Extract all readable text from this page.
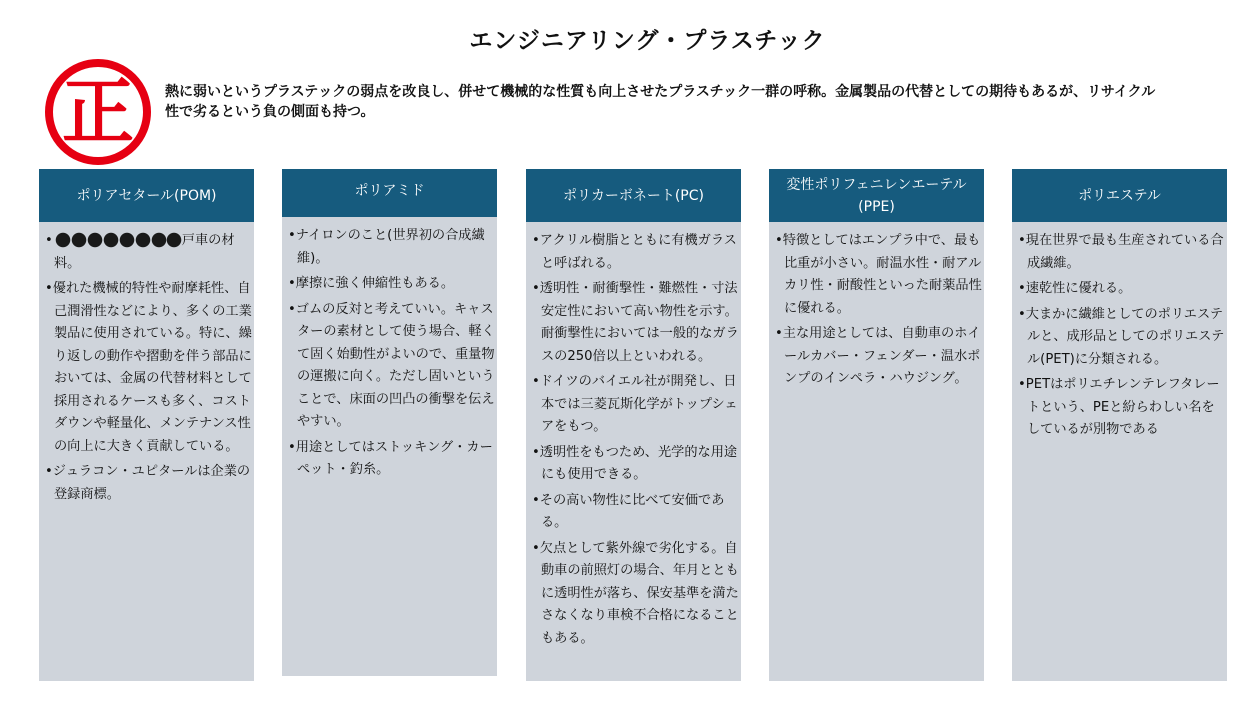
エンジニアリング・プラスチック
正 熱に弱いというプラステックの弱点を改良し、併せて機械的な性質も向上させたプラスチック一群の呼称。金属製品の代替としての期待もあるが、リサイクル性で劣るという負の側面も持つ。
ポリアセタール(POM)
• 戸車の材料。
• 優れた機械的特性や耐摩耗性、自己潤滑性などにより、多くの工業製品に使用されている。特に、繰り返しの動作や摺動を伴う部品においては、金属の代替材料として採用されるケースも多く、コストダウンや軽量化、メンテナンス性の向上に大きく貢献している。
• ジュラコン・ユピタールは企業の登録商標。
ポリアミド
• ナイロンのこと(世界初の合成繊維)。
• 摩擦に強く伸縮性もある。
• ゴムの反対と考えていい。キャスターの素材として使う場合、軽くて固く始動性がよいので、重量物の運搬に向く。ただし固いということで、床面の凹凸の衝撃を伝えやすい。
• 用途としてはストッキング・カーペット・釣糸。
ポリカーボネート(PC)
• アクリル樹脂とともに有機ガラスと呼ばれる。
• 透明性・耐衝撃性・難燃性・寸法安定性において高い物性を示す。耐衝撃性においては一般的なガラスの250倍以上といわれる。
• ドイツのバイエル社が開発し、日本では三菱瓦斯化学がトップシェアをもつ。
• 透明性をもつため、光学的な用途にも使用できる。
• その高い物性に比べて安価である。
• 欠点として紫外線で劣化する。自動車の前照灯の場合、年月とともに透明性が落ち、保安基準を満たさなくなり車検不合格になることもある。
変性ポリフェニレンエーテル(PPE)
• 特徴としてはエンプラ中で、最も比重が小さい。耐温水性・耐アルカリ性・耐酸性といった耐薬品性に優れる。
• 主な用途としては、自動車のホイールカバー・フェンダー・温水ポンプのインペラ・ハウジング。
ポリエステル
• 現在世界で最も生産されている合成繊維。
• 速乾性に優れる。
• 大まかに繊維としてのポリエステルと、成形品としてのポリエステル(PET)に分類される。
• PETはポリエチレンテレフタレートという、PEと紛らわしい名をしているが別物である
